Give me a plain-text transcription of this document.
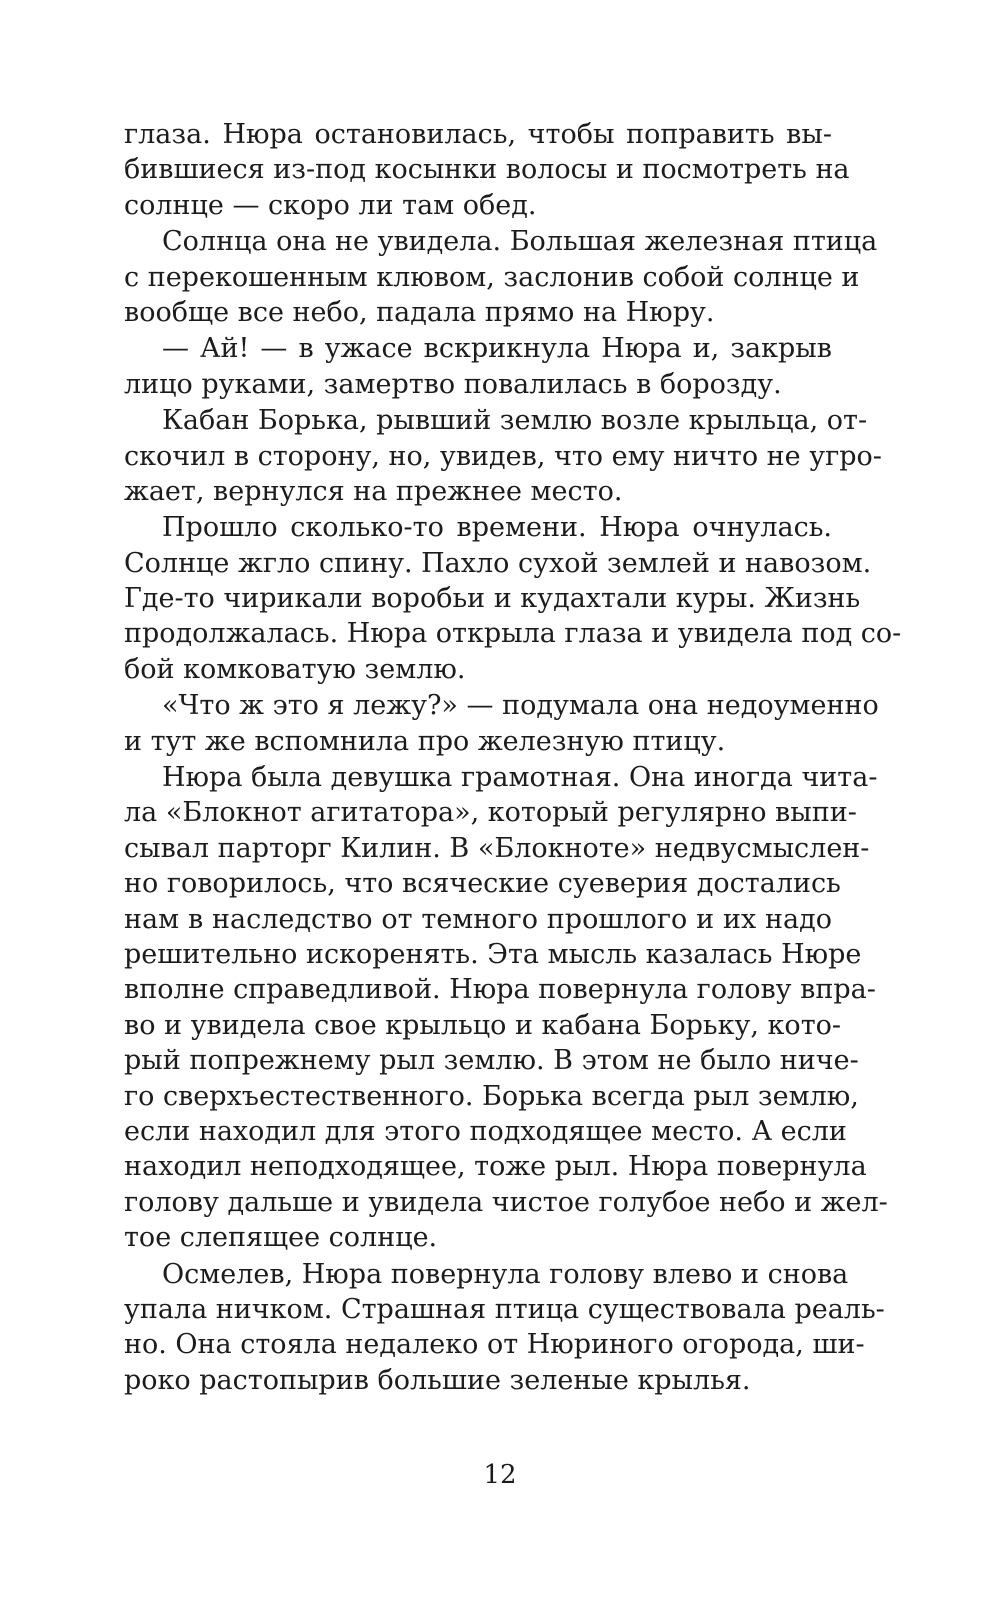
глаза. Нюра остановилась, чтобы поправить вы-
бившиеся из-под косынки волосы и посмотреть на
солнце — скоро ли там обед.
Солнца она не увидела. Большая железная птица
с перекошенным клювом, заслонив собой солнце и
вообще все небо, падала прямо на Нюру.
— Ай! — в ужасе вскрикнула Нюра и, закрыв
лицо руками, замертво повалилась в борозду.
Кабан Борька, рывший землю возле крыльца, от-
скочил в сторону, но, увидев, что ему ничто не угро-
жает, вернулся на прежнее место.
Прошло сколько-то времени. Нюра очнулась.
Солнце жгло спину. Пахло сухой землей и навозом.
Где-то чирикали воробьи и кудахтали куры. Жизнь
продолжалась. Нюра открыла глаза и увидела под со-
бой комковатую землю.
«Что ж это я лежу?» — подумала она недоуменно
и тут же вспомнила про железную птицу.
Нюра была девушка грамотная. Она иногда чита-
ла «Блокнот агитатора», который регулярно выпи-
сывал парторг Килин. В «Блокноте» недвусмыслен-
но говорилось, что всяческие суеверия достались
нам в наследство от темного прошлого и их надо
решительно искоренять. Эта мысль казалась Нюре
вполне справедливой. Нюра повернула голову впра-
во и увидела свое крыльцо и кабана Борьку, кото-
рый попрежнему рыл землю. В этом не было ниче-
го сверхъестественного. Борька всегда рыл землю,
если находил для этого подходящее место. А если
находил неподходящее, тоже рыл. Нюра повернула
голову дальше и увидела чистое голубое небо и жел-
тое слепящее солнце.
Осмелев, Нюра повернула голову влево и снова
упала ничком. Страшная птица существовала реаль-
но. Она стояла недалеко от Нюриного огорода, ши-
роко растопырив большие зеленые крылья.
12
